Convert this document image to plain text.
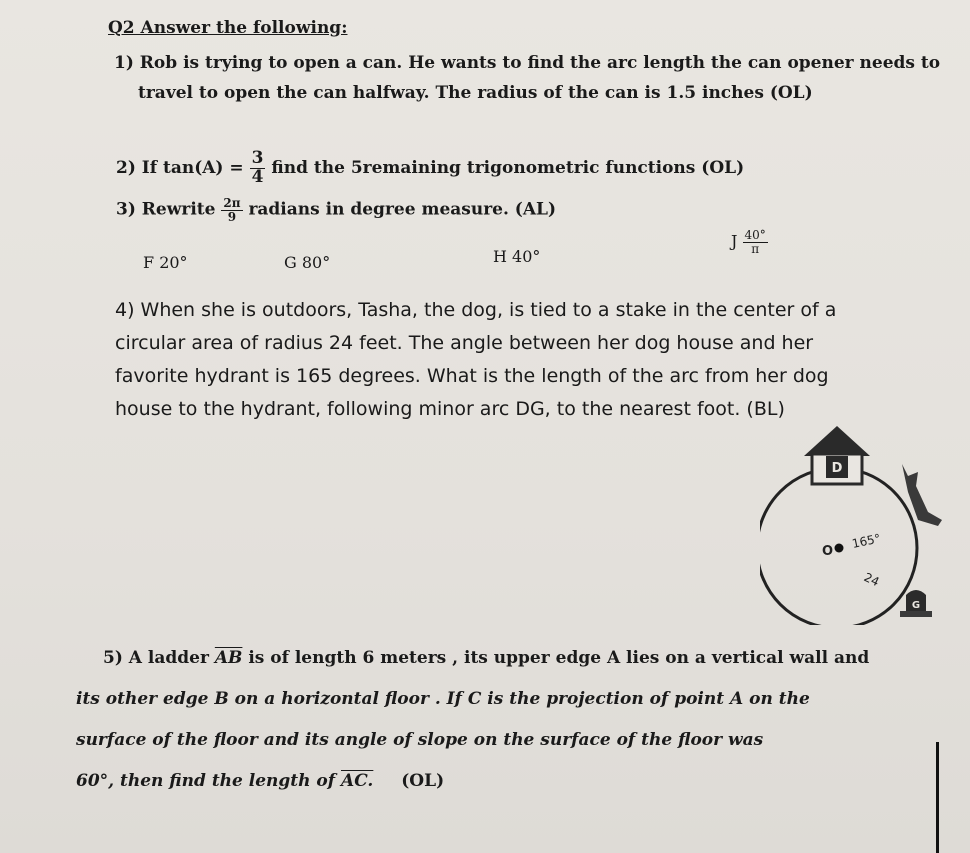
Q2 Answer the following:
1) Rob is trying to open a can. He wants to find the arc length the can opener needs to
travel to open the can halfway. The radius of the can is 1.5 inches (OL)
2) If $\tan(A) = \frac{3}{4}$ find the 5remaining trigonometric functions (OL)
3) Rewrite $\frac{2\pi}{9}$ radians in degree measure. (AL)
F 20°	G 80°	H 40°
J $\frac{40^\circ}{\pi}$
4) When she is outdoors, Tasha, the dog, is tied to a stake in the center of a
circular area of radius 24 feet. The angle between her dog house and her
favorite hydrant is 165 degrees. What is the length of the arc from her dog
house to the hydrant, following minor arc DG, to the nearest foot. (BL)
D
O
165°
24
G
5) A ladder $\overline{AB}$ is of length 6 meters , its upper edge A lies on a vertical wall and
its other edge B on a horizontal floor . If C is the projection of point A on the
surface of the floor and its angle of slope on the surface of the floor was
60°, then find the length of AC. (OL)
